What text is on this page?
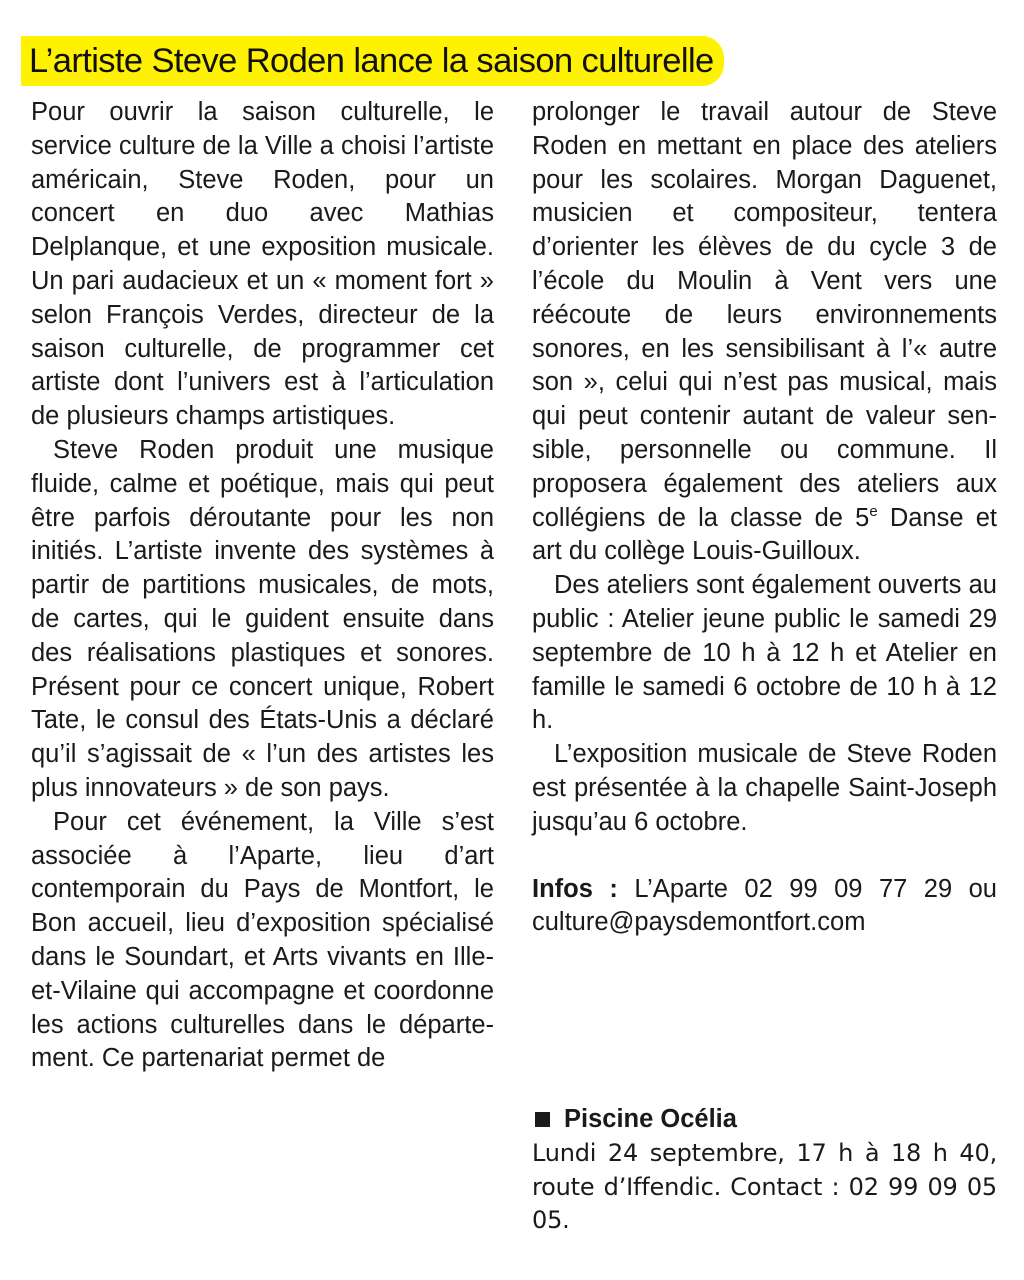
L’artiste Steve Roden lance la saison culturelle

Pour ouvrir la saison culturelle, le service culture de la Ville a choisi l’artiste américain, Steve Roden, pour un concert en duo avec Mathias Delplanque, et une exposition musicale. Un pari audacieux et un « moment fort » selon François Verdes, directeur de la saison culturelle, de programmer cet artiste dont l’univers est à l’articulation de plusieurs champs artistiques.

Steve Roden produit une musique fluide, calme et poétique, mais qui peut être parfois déroutante pour les non initiés. L’artiste invente des systèmes à partir de partitions musicales, de mots, de cartes, qui le guident ensuite dans des réalisations plastiques et sonores. Présent pour ce concert unique, Robert Tate, le consul des États-Unis a déclaré qu’il s’agissait de « l’un des artistes les plus innovateurs » de son pays.

Pour cet événement, la Ville s’est associée à l’Aparte, lieu d’art contemporain du Pays de Montfort, le Bon accueil, lieu d’exposition spécialisé dans le Soundart, et Arts vivants en Ille-et-Vilaine qui accompagne et coordonne les actions culturelles dans le département. Ce partenariat permet de

prolonger le travail autour de Steve Roden en mettant en place des ateliers pour les scolaires. Morgan Daguenet, musicien et compositeur, tentera d’orienter les élèves de du cycle 3 de l’école du Moulin à Vent vers une réécoute de leurs environnements sonores, en les sensibilisant à l’« autre son », celui qui n’est pas musical, mais qui peut contenir autant de valeur sensible, personnelle ou commune. Il proposera également des ateliers aux collégiens de la classe de 5e Danse et art du collège Louis-Guilloux.

Des ateliers sont également ouverts au public : Atelier jeune public le samedi 29 septembre de 10 h à 12 h et Atelier en famille le samedi 6 octobre de 10 h à 12 h.

L’exposition musicale de Steve Roden est présentée à la chapelle Saint-Joseph jusqu’au 6 octobre.

Infos : L’Aparte 02 99 09 77 29 ou culture@paysdemontfort.com

Piscine Océlia
Lundi 24 septembre, 17 h à 18 h 40, route d’Iffendic. Contact : 02 99 09 05 05.
